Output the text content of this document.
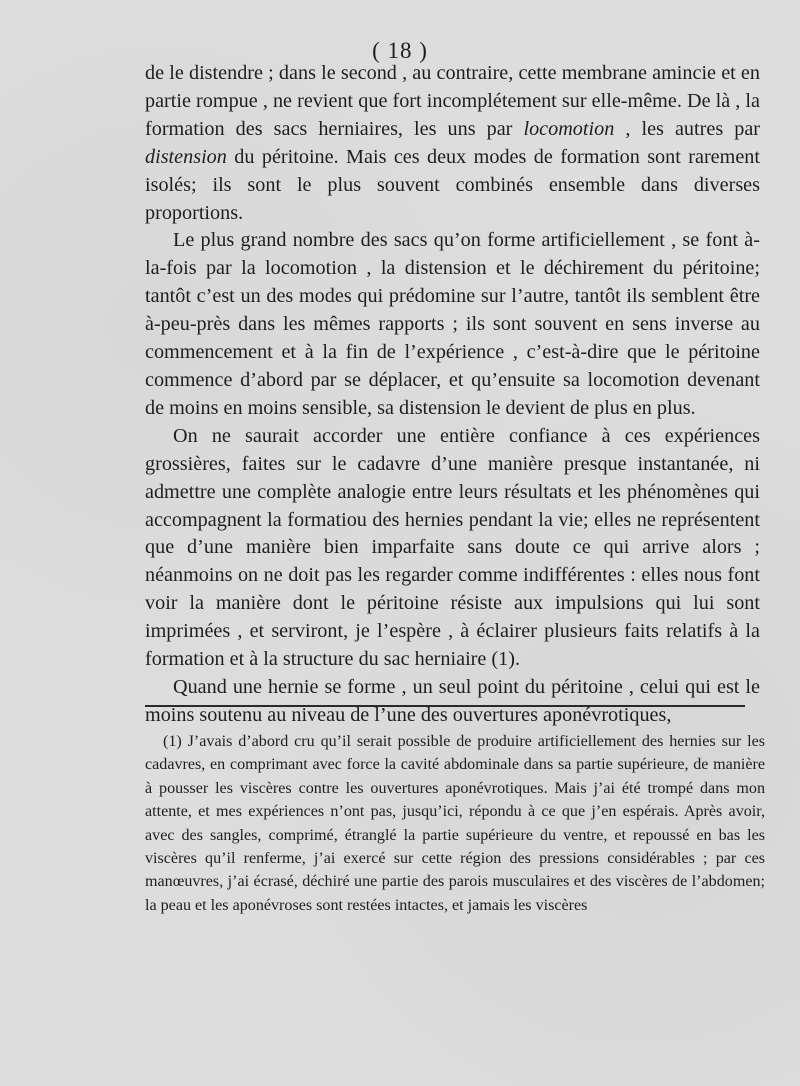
( 18 )

de le distendre ; dans le second , au contraire, cette membrane amincie et en partie rompue , ne revient que fort incomplétement sur elle-même. De là , la formation des sacs herniaires, les uns par locomotion , les autres par distension du péritoine. Mais ces deux modes de formation sont rarement isolés; ils sont le plus souvent combinés ensemble dans diverses proportions.

Le plus grand nombre des sacs qu’on forme artificiellement , se font à-la-fois par la locomotion , la distension et le déchirement du péritoine; tantôt c’est un des modes qui prédomine sur l’autre, tantôt ils semblent être à-peu-près dans les mêmes rapports ; ils sont souvent en sens inverse au commencement et à la fin de l’expérience , c’est-à-dire que le péritoine commence d’abord par se déplacer, et qu’ensuite sa locomotion devenant de moins en moins sensible, sa distension le devient de plus en plus.

On ne saurait accorder une entière confiance à ces expériences grossières, faites sur le cadavre d’une manière presque instantanée, ni admettre une complète analogie entre leurs résultats et les phénomènes qui accompagnent la formatiou des hernies pendant la vie; elles ne représentent que d’une manière bien imparfaite sans doute ce qui arrive alors ; néanmoins on ne doit pas les regarder comme indifférentes : elles nous font voir la manière dont le péritoine résiste aux impulsions qui lui sont imprimées , et serviront, je l’espère , à éclairer plusieurs faits relatifs à la formation et à la structure du sac herniaire (1).

Quand une hernie se forme , un seul point du péritoine , celui qui est le moins soutenu au niveau de l’une des ouvertures aponévrotiques,

(1) J’avais d’abord cru qu’il serait possible de produire artificiellement des hernies sur les cadavres, en comprimant avec force la cavité abdominale dans sa partie supérieure, de manière à pousser les viscères contre les ouvertures aponévrotiques. Mais j’ai été trompé dans mon attente, et mes expériences n’ont pas, jusqu’ici, répondu à ce que j’en espérais. Après avoir, avec des sangles, comprimé, étranglé la partie supérieure du ventre, et repoussé en bas les viscères qu’il renferme, j’ai exercé sur cette région des pressions considérables ; par ces manœuvres, j’ai écrasé, déchiré une partie des parois musculaires et des viscères de l’abdomen; la peau et les aponévroses sont restées intactes, et jamais les viscères
